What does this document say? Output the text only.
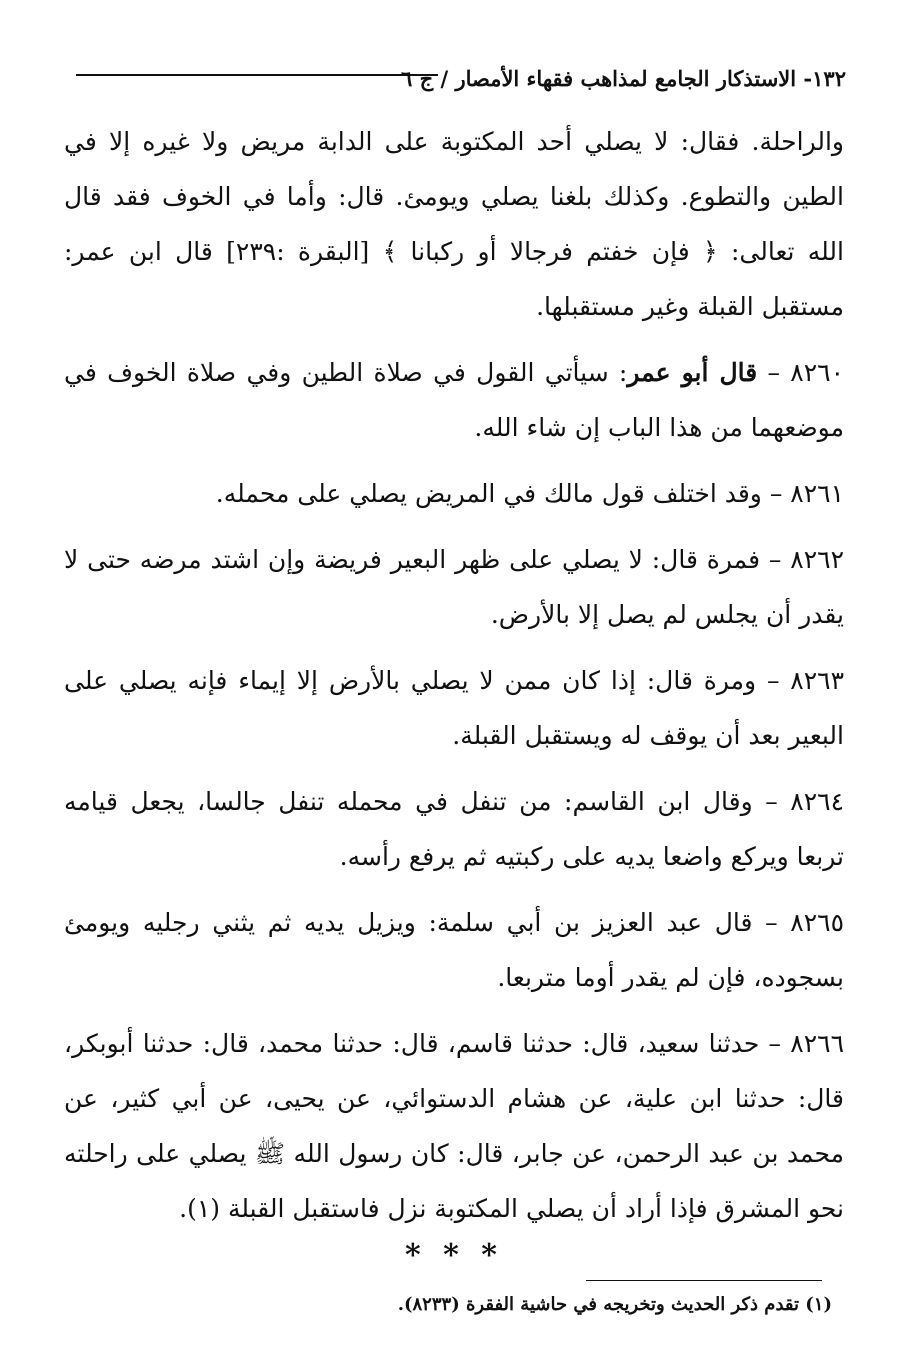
١٣٢- الاستذكار الجامع لمذاهب فقهاء الأمصار / ج ٦

والراحلة. فقال: لا يصلي أحد المكتوبة على الدابة مريض ولا غيره إلا في الطين والتطوع. وكذلك بلغنا يصلي ويومئ. قال: وأما في الخوف فقد قال الله تعالى: ﴿ فإن خفتم فرجالا أو ركبانا ﴾ [البقرة :٢٣٩] قال ابن عمر: مستقبل القبلة وغير مستقبلها.

٨٢٦٠ – قال أبو عمر: سيأتي القول في صلاة الطين وفي صلاة الخوف في موضعهما من هذا الباب إن شاء الله.

٨٢٦١ – وقد اختلف قول مالك في المريض يصلي على محمله.

٨٢٦٢ – فمرة قال: لا يصلي على ظهر البعير فريضة وإن اشتد مرضه حتى لا يقدر أن يجلس لم يصل إلا بالأرض.

٨٢٦٣ – ومرة قال: إذا كان ممن لا يصلي بالأرض إلا إيماء فإنه يصلي على البعير بعد أن يوقف له ويستقبل القبلة.

٨٢٦٤ – وقال ابن القاسم: من تنفل في محمله تنفل جالسا، يجعل قيامه تربعا ويركع واضعا يديه على ركبتيه ثم يرفع رأسه.

٨٢٦٥ – قال عبد العزيز بن أبي سلمة: ويزيل يديه ثم يثني رجليه ويومئ بسجوده، فإن لم يقدر أوما متربعا.

٨٢٦٦ – حدثنا سعيد، قال: حدثنا قاسم، قال: حدثنا محمد، قال: حدثنا أبوبكر، قال: حدثنا ابن علية، عن هشام الدستوائي، عن يحيى، عن أبي كثير، عن محمد بن عبد الرحمن، عن جابر، قال: كان رسول الله ﷺ يصلي على راحلته نحو المشرق فإذا أراد أن يصلي المكتوبة نزل فاستقبل القبلة (١).

* * *
(١) تقدم ذكر الحديث وتخريجه في حاشية الفقرة (٨٢٣٣).
